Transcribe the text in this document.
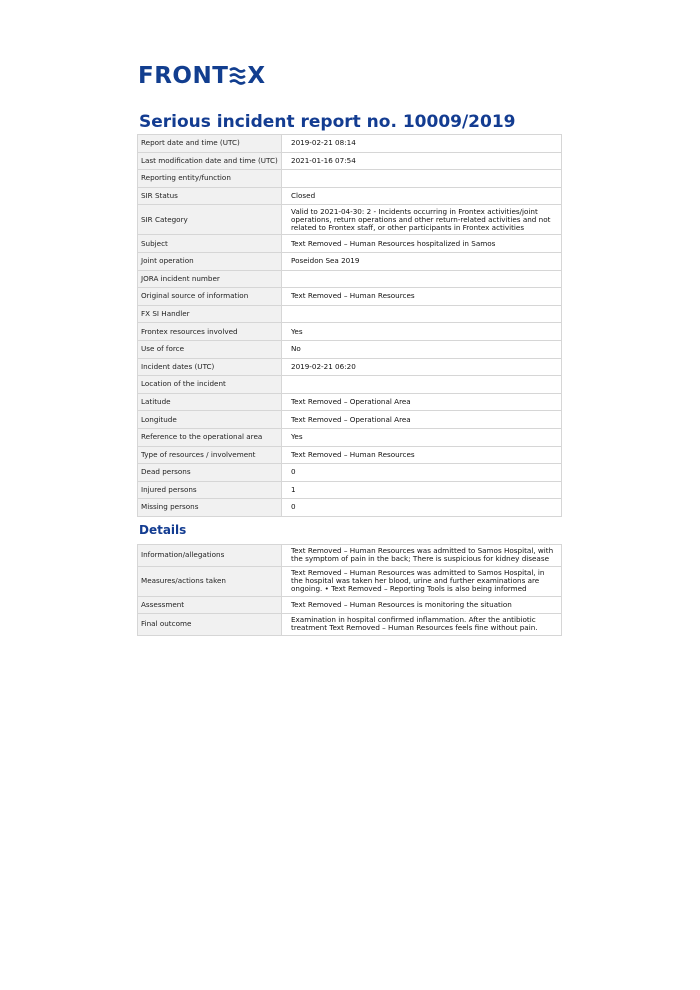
FRONT X
Serious incident report no. 10009/2019
Report date and time (UTC)	2019-02-21 08:14
Last modification date and time (UTC)	2021-01-16 07:54
Reporting entity/function	
SIR Status	Closed
SIR Category	Valid to 2021-04-30: 2 - Incidents occurring in Frontex activities/joint operations, return operations and other return-related activities and not related to Frontex staff, or other participants in Frontex activities
Subject	Text Removed – Human Resources hospitalized in Samos
Joint operation	Poseidon Sea 2019
JORA incident number	
Original source of information	Text Removed – Human Resources
FX SI Handler	
Frontex resources involved	Yes
Use of force	No
Incident dates (UTC)	2019-02-21 06:20
Location of the incident	
Latitude	Text Removed – Operational Area
Longitude	Text Removed – Operational Area
Reference to the operational area	Yes
Type of resources / involvement	Text Removed – Human Resources
Dead persons	0
Injured persons	1
Missing persons	0
Details
Information/allegations	Text Removed – Human Resources was admitted to Samos Hospital, with the symptom of pain in the back; There is suspicious for kidney disease
Measures/actions taken	Text Removed – Human Resources was admitted to Samos Hospital, in the hospital was taken her blood, urine and further examinations are ongoing. • Text Removed – Reporting Tools is also being informed
Assessment	Text Removed – Human Resources is monitoring the situation
Final outcome	Examination in hospital confirmed inflammation. After the antibiotic treatment Text Removed – Human Resources feels fine without pain.
